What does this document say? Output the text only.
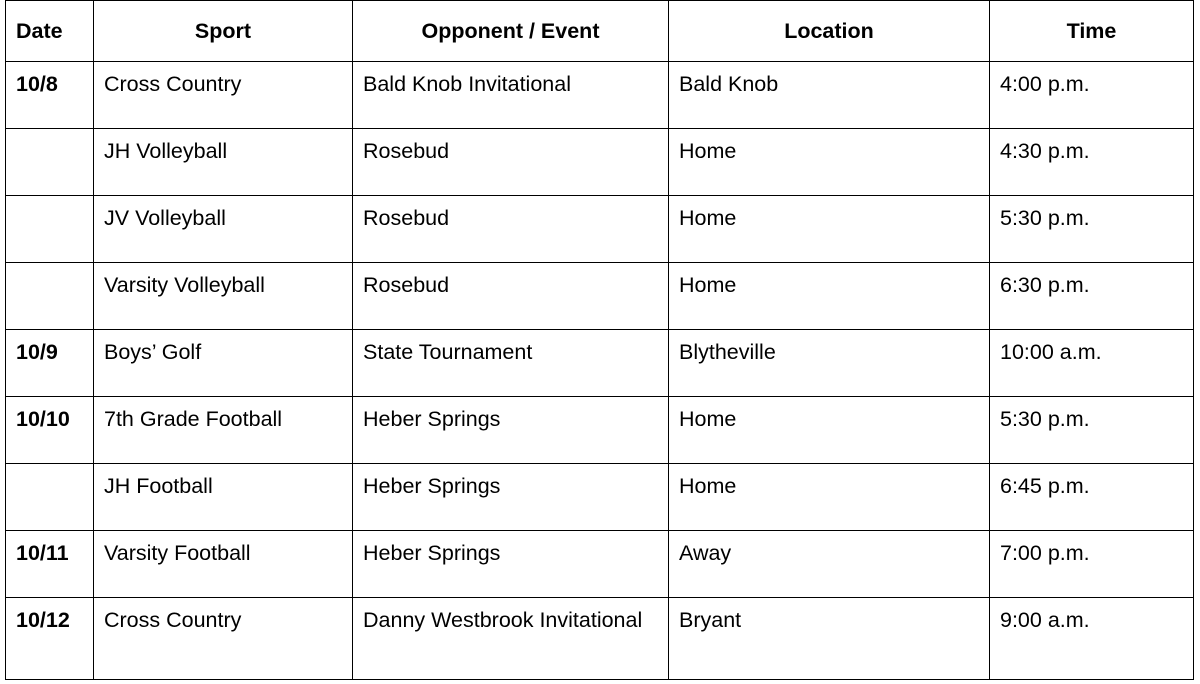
Date	Sport	Opponent / Event	Location	Time
10/8	Cross Country	Bald Knob Invitational	Bald Knob	4:00 p.m.
	JH Volleyball	Rosebud	Home	4:30 p.m.
	JV Volleyball	Rosebud	Home	5:30 p.m.
	Varsity Volleyball	Rosebud	Home	6:30 p.m.
10/9	Boys’ Golf	State Tournament	Blytheville	10:00 a.m.
10/10	7th Grade Football	Heber Springs	Home	5:30 p.m.
	JH Football	Heber Springs	Home	6:45 p.m.
10/11	Varsity Football	Heber Springs	Away	7:00 p.m.
10/12	Cross Country	Danny Westbrook Invitational	Bryant	9:00 a.m.
